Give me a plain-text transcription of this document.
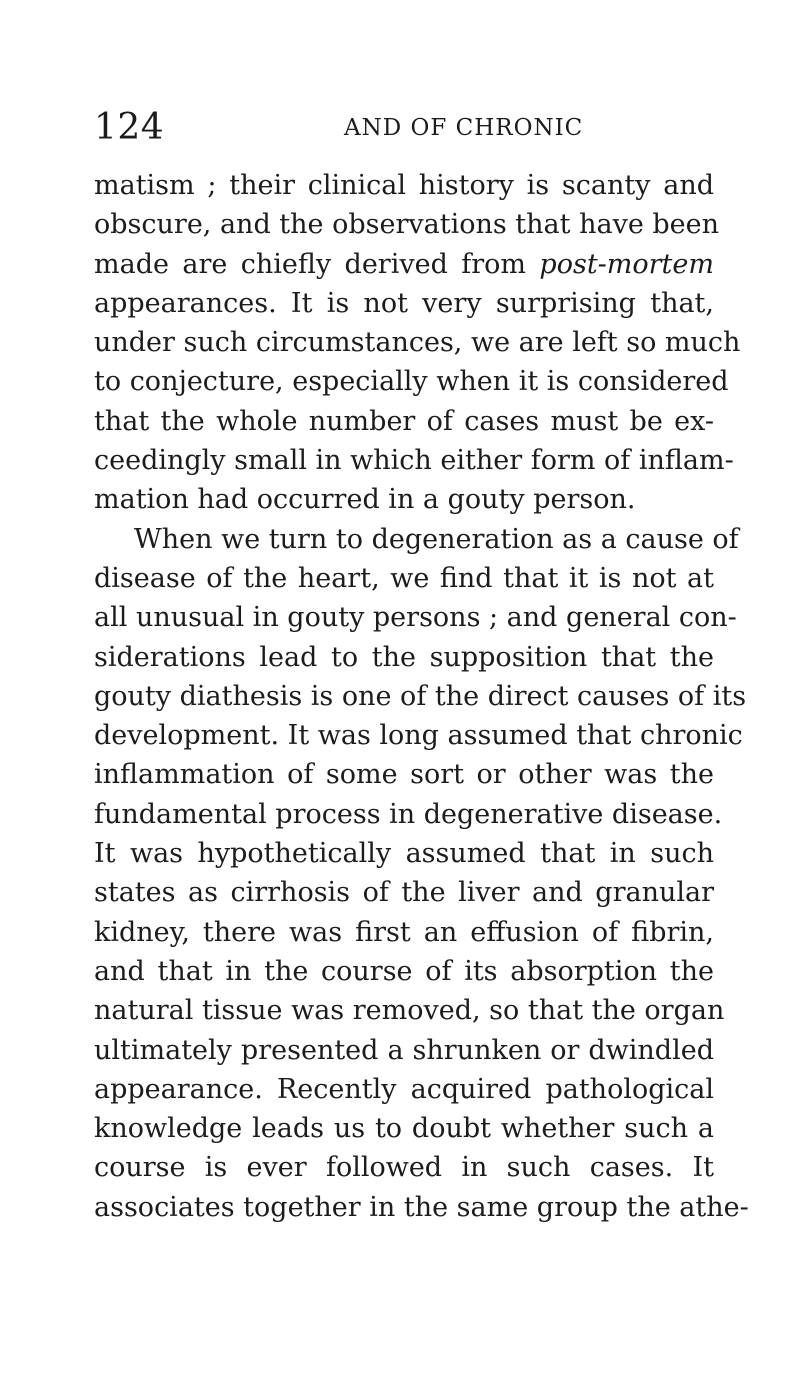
124	AND OF CHRONIC
matism ; their clinical history is scanty and
obscure, and the observations that have been
made are chiefly derived from post-mortem
appearances. It is not very surprising that,
under such circumstances, we are left so much
to conjecture, especially when it is considered
that the whole number of cases must be ex-
ceedingly small in which either form of inflam-
mation had occurred in a gouty person.
When we turn to degeneration as a cause of
disease of the heart, we find that it is not at
all unusual in gouty persons ; and general con-
siderations lead to the supposition that the
gouty diathesis is one of the direct causes of its
development. It was long assumed that chronic
inflammation of some sort or other was the
fundamental process in degenerative disease.
It was hypothetically assumed that in such
states as cirrhosis of the liver and granular
kidney, there was first an effusion of fibrin,
and that in the course of its absorption the
natural tissue was removed, so that the organ
ultimately presented a shrunken or dwindled
appearance. Recently acquired pathological
knowledge leads us to doubt whether such a
course is ever followed in such cases. It
associates together in the same group the athe-
